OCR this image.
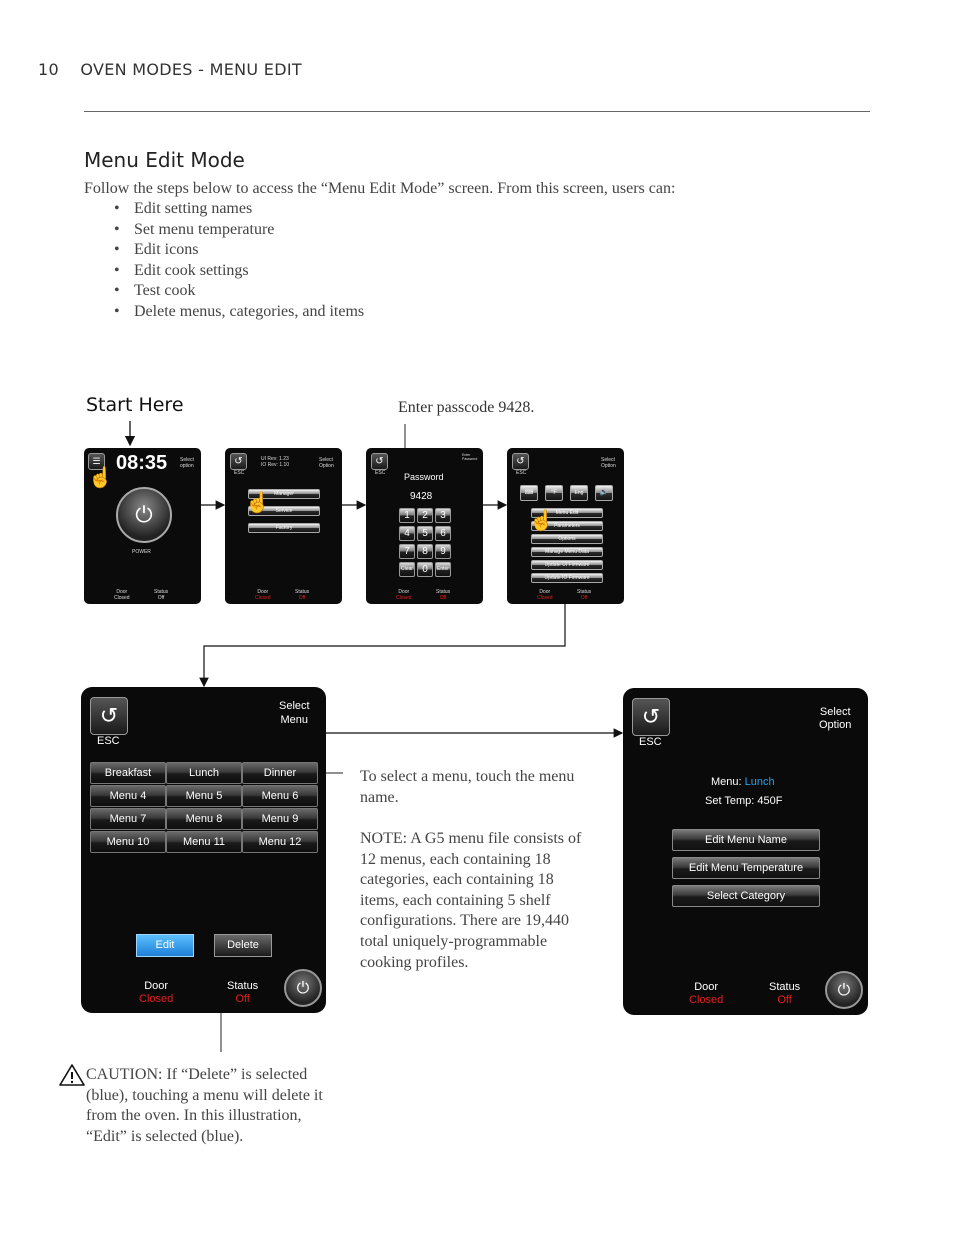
10 OVEN MODES - MENU EDIT
Menu Edit Mode
Follow the steps below to access the “Menu Edit Mode” screen. From this screen, users can:
• Edit setting names
• Set menu temperature
• Edit icons
• Edit cook settings
• Test cook
• Delete menus, categories, and items
Start Here	Enter passcode 9428.
☰ 08:35	Select
option
☝
⏻
POWER
Door
Closed
Status
Off
↺
ESC
UI Rev: 1.23
IO Rev: 1.10
Select
Option
Manager
Service
Factory
☝
Door
Closed
Status
Off
↺
ESC
Enter
Password
Password
9428
1	2	3
4	5	6
7	8	9
Clear 0	Enter
Door
Closed
Status
Off
↺
ESC
Select
Option
⌨	°F	Eng	🔊
Menu Edit
Parameters
Options
Manage Menu Data
Update UI Firmware
Update IO Firmware
☝
Door
Closed
Status
Off
↺
ESC
Select
Menu
Breakfast	Lunch	Dinner
Menu 4	Menu 5	Menu 6
Menu 7	Menu 8	Menu 9
Menu 10	Menu 11	Menu 12
Edit	Delete
Door
Closed
Status
Off
⏻
↺
ESC
Select
Option
Menu: Lunch
Set Temp: 450F
Edit Menu Name
Edit Menu Temperature
Select Category
Door
Closed
Status
Off
⏻
To select a menu, touch the menu name.
NOTE: A G5 menu file consists of 12 menus, each containing 18 categories, each containing 18 items, each containing 5 shelf configurations. There are 19,440 total uniquely-programmable cooking profiles.
CAUTION: If “Delete” is selected (blue), touching a menu will delete it from the oven. In this illustration, “Edit” is selected (blue).
